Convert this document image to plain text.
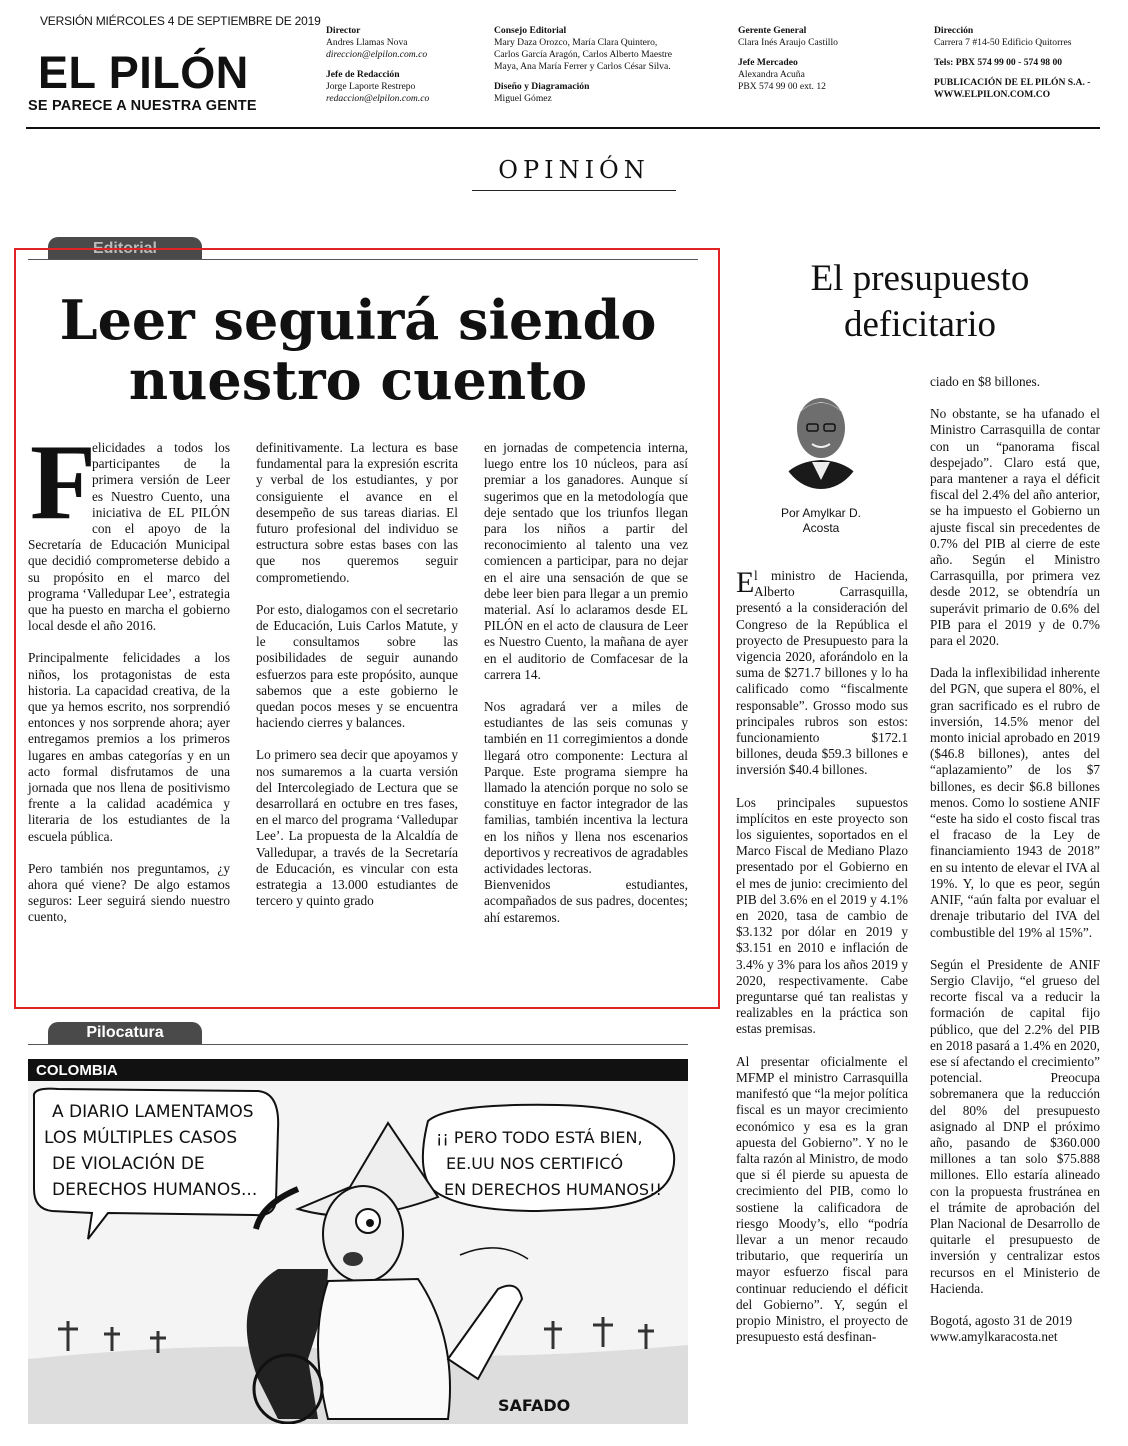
VERSIÓN MIÉRCOLES 4 DE SEPTIEMBRE DE 2019
EL PILÓN
SE PARECE A NUESTRA GENTE
Director
Andres Llamas Nova
direccion@elpilon.com.co
Jefe de Redacción
Jorge Laporte Restrepo
redaccion@elpilon.com.co
Consejo Editorial
Mary Daza Orozco, María Clara Quintero,
Carlos García Aragón, Carlos Alberto Maestre
Maya, Ana María Ferrer y Carlos César Silva.
Diseño y Diagramación
Miguel Gómez
Gerente General
Clara Inés Araujo Castillo
Jefe Mercadeo
Alexandra Acuña
PBX 574 99 00 ext. 12
Dirección
Carrera 7 #14-50 Edificio Quitorres
Tels: PBX 574 99 00 - 574 98 00
PUBLICACIÓN DE EL PILÓN S.A. -
WWW.ELPILON.COM.CO
OPINIÓN
Editorial
Leer seguirá siendo
nuestro cuento
F

elicidades a todos los participantes de la primera versión de Leer es Nuestro Cuento, una iniciativa de EL PILÓN con el apoyo de la Secretaría de Educación Municipal que decidió comprometerse debido a su propósito en el marco del programa ‘Valledupar Lee’, estrategia que ha puesto en marcha el gobierno local desde el año 2016.

Principalmente felicidades a los niños, los protagonistas de esta historia. La capacidad creativa, de la que ya hemos escrito, nos sorprendió entonces y nos sorprende ahora; ayer entregamos premios a los primeros lugares en ambas categorías y en un acto formal disfrutamos de una jornada que nos llena de positivismo frente a la calidad académica y literaria de los estudiantes de la escuela pública.

Pero también nos preguntamos, ¿y ahora qué viene? De algo estamos seguros: Leer seguirá siendo nuestro cuento,

definitivamente. La lectura es base fundamental para la expresión escrita y verbal de los estudiantes, y por consiguiente el avance en el desempeño de sus tareas diarias. El futuro profesional del individuo se estructura sobre estas bases con las que nos queremos seguir comprometiendo.

Por esto, dialogamos con el secretario de Educación, Luis Carlos Matute, y le consultamos sobre las posibilidades de seguir aunando esfuerzos para este propósito, aunque sabemos que a este gobierno le quedan pocos meses y se encuentra haciendo cierres y balances.

Lo primero sea decir que apoyamos y nos sumaremos a la cuarta versión del Intercolegiado de Lectura que se desarrollará en octubre en tres fases, en el marco del programa ‘Valledupar Lee’. La propuesta de la Alcaldía de Valledupar, a través de la Secretaría de Educación, es vincular con esta estrategia a 13.000 estudiantes de tercero y quinto grado

en jornadas de competencia interna, luego entre los 10 núcleos, para así premiar a los ganadores. Aunque sí sugerimos que en la metodología que deje sentado que los triunfos llegan para los niños a partir del reconocimiento al talento una vez comiencen a participar, para no dejar en el aire una sensación de que se debe leer bien para llegar a un premio material. Así lo aclaramos desde EL PILÓN en el acto de clausura de Leer es Nuestro Cuento, la mañana de ayer en el auditorio de Comfacesar de la carrera 14.

Nos agradará ver a miles de estudiantes de las seis comunas y también en 11 corregimientos a donde llegará otro componente: Lectura al Parque. Este programa siempre ha llamado la atención porque no solo se constituye en factor integrador de las familias, también incentiva la lectura en los niños y llena nos escenarios deportivos y recreativos de agradables actividades lectoras.

Bienvenidos estudiantes, acompañados de sus padres, docentes; ahí estaremos.

Pilocatura
COLOMBIA
A DIARIO LAMENTAMOS
LOS MÚLTIPLES CASOS
DE VIOLACIÓN DE
DERECHOS HUMANOS...
¡¡ PERO TODO ESTÁ BIEN,
EE.UU NOS CERTIFICÓ
EN DERECHOS HUMANOS!!
SAFADO
El presupuesto
deficitario
Por Amylkar D.
Acosta
E l ministro de Hacienda, Alberto Carrasquilla, presentó a la consideración del Congreso de la República el proyecto de Presupuesto para la vigencia 2020, aforándolo en la suma de $271.7 billones y lo ha calificado como “fiscalmente responsable”. Grosso modo sus principales rubros son estos: funcionamiento $172.1 billones, deuda $59.3 billones e inversión $40.4 billones.

Los principales supuestos implícitos en este proyecto son los siguientes, soportados en el Marco Fiscal de Mediano Plazo presentado por el Gobierno en el mes de junio: crecimiento del PIB del 3.6% en el 2019 y 4.1% en 2020, tasa de cambio de $3.132 por dólar en 2019 y $3.151 en 2010 e inflación de 3.4% y 3% para los años 2019 y 2020, respectivamente. Cabe preguntarse qué tan realistas y realizables en la práctica son estas premisas.

Al presentar oficialmente el MFMP el ministro Carrasquilla manifestó que “la mejor política fiscal es un mayor crecimiento económico y esa es la gran apuesta del Gobierno”. Y no le falta razón al Ministro, de modo que si él pierde su apuesta de crecimiento del PIB, como lo sostiene la calificadora de riesgo Moody’s, ello “podría llevar a un menor recaudo tributario, que requeriría un mayor esfuerzo fiscal para continuar reduciendo el déficit del Gobierno”. Y, según el propio Ministro, el proyecto de presupuesto está desfinan-

ciado en $8 billones.

No obstante, se ha ufanado el Ministro Carrasquilla de contar con un “panorama fiscal despejado”. Claro está que, para mantener a raya el déficit fiscal del 2.4% del año anterior, se ha impuesto el Gobierno un ajuste fiscal sin precedentes de 0.7% del PIB al cierre de este año. Según el Ministro Carrasquilla, por primera vez desde 2012, se obtendría un superávit primario de 0.6% del PIB para el 2019 y de 0.7% para el 2020.

Dada la inflexibilidad inherente del PGN, que supera el 80%, el gran sacrificado es el rubro de inversión, 14.5% menor del monto inicial aprobado en 2019 ($46.8 billones), antes del “aplazamiento” de los $7 billones, es decir $6.8 billones menos. Como lo sostiene ANIF “este ha sido el costo fiscal tras el fracaso de la Ley de financiamiento 1943 de 2018” en su intento de elevar el IVA al 19%. Y, lo que es peor, según ANIF, “aún falta por evaluar el drenaje tributario del IVA del combustible del 19% al 15%”.

Según el Presidente de ANIF Sergio Clavijo, “el grueso del recorte fiscal va a reducir la formación de capital fijo público, que del 2.2% del PIB en 2018 pasará a 1.4% en 2020, ese sí afectando el crecimiento” potencial. Preocupa sobremanera que la reducción del 80% del presupuesto asignado al DNP el próximo año, pasando de $360.000 millones a tan solo $75.888 millones. Ello estaría alineado con la propuesta frustránea en el trámite de aprobación del Plan Nacional de Desarrollo de quitarle el presupuesto de inversión y centralizar estos recursos en el Ministerio de Hacienda.

Bogotá, agosto 31 de 2019
www.amylkaracosta.net
